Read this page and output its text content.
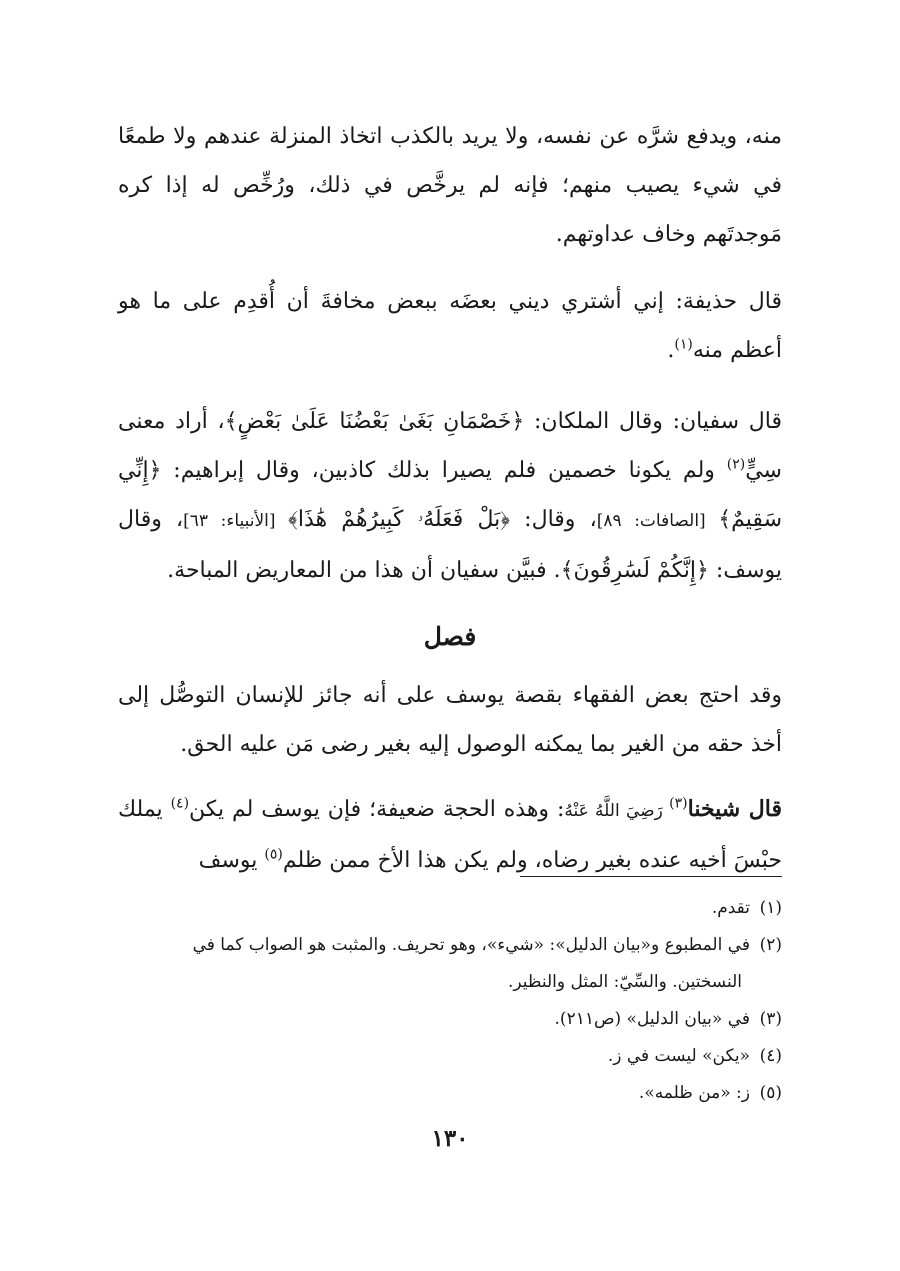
منه، ويدفع شرَّه عن نفسه، ولا يريد بالكذب اتخاذ المنزلة عندهم ولا طمعًا في شيء يصيب منهم؛ فإنه لم يرخَّص في ذلك، ورُخِّص له إذا كره مَوجدتَهم وخاف عداوتهم.

قال حذيفة: إني أشتري ديني بعضَه ببعض مخافةَ أن أُقدِم على ما هو أعظم منه$^{(١)}$.

قال سفيان: وقال الملكان: ﴿خَصْمَانِ بَغَىٰ بَعْضُنَا عَلَىٰ بَعْضٍ﴾، أراد معنى سِيٍّ$^{(٢)}$ ولم يكونا خصمين فلم يصيرا بذلك كاذبين، وقال إبراهيم: ﴿إِنِّي سَقِيمٌ﴾ [الصافات: ٨٩]، وقال: ﴿بَلْ فَعَلَهُۥ كَبِيرُهُمْ هَٰذَا﴾ [الأنبياء: ٦٣]، وقال يوسف: ﴿إِنَّكُمْ لَسَٰرِقُونَ﴾. فبيَّن سفيان أن هذا من المعاريض المباحة.

فصل

وقد احتج بعض الفقهاء بقصة يوسف على أنه جائز للإنسان التوصُّل إلى أخذ حقه من الغير بما يمكنه الوصول إليه بغير رضى مَن عليه الحق.

قال شيخنا$^{(٣)}$ رَضِيَ اللَّهُ عَنْهُ: وهذه الحجة ضعيفة؛ فإن يوسف لم يكن$^{(٤)}$ يملك حبْسَ أخيه عنده بغير رضاه، ولم يكن هذا الأخ ممن ظلم$^{(٥)}$ يوسف

(١)تقدم.

(٢)في المطبوع و«بيان الدليل»: «شيء»، وهو تحريف. والمثبت هو الصواب كما في

النسختين. والسِّيّ: المثل والنظير.

(٣)في «بيان الدليل» (ص٢١١).

(٤)«يكن» ليست في ز.

(٥)ز: «من ظلمه».

١٣٠
